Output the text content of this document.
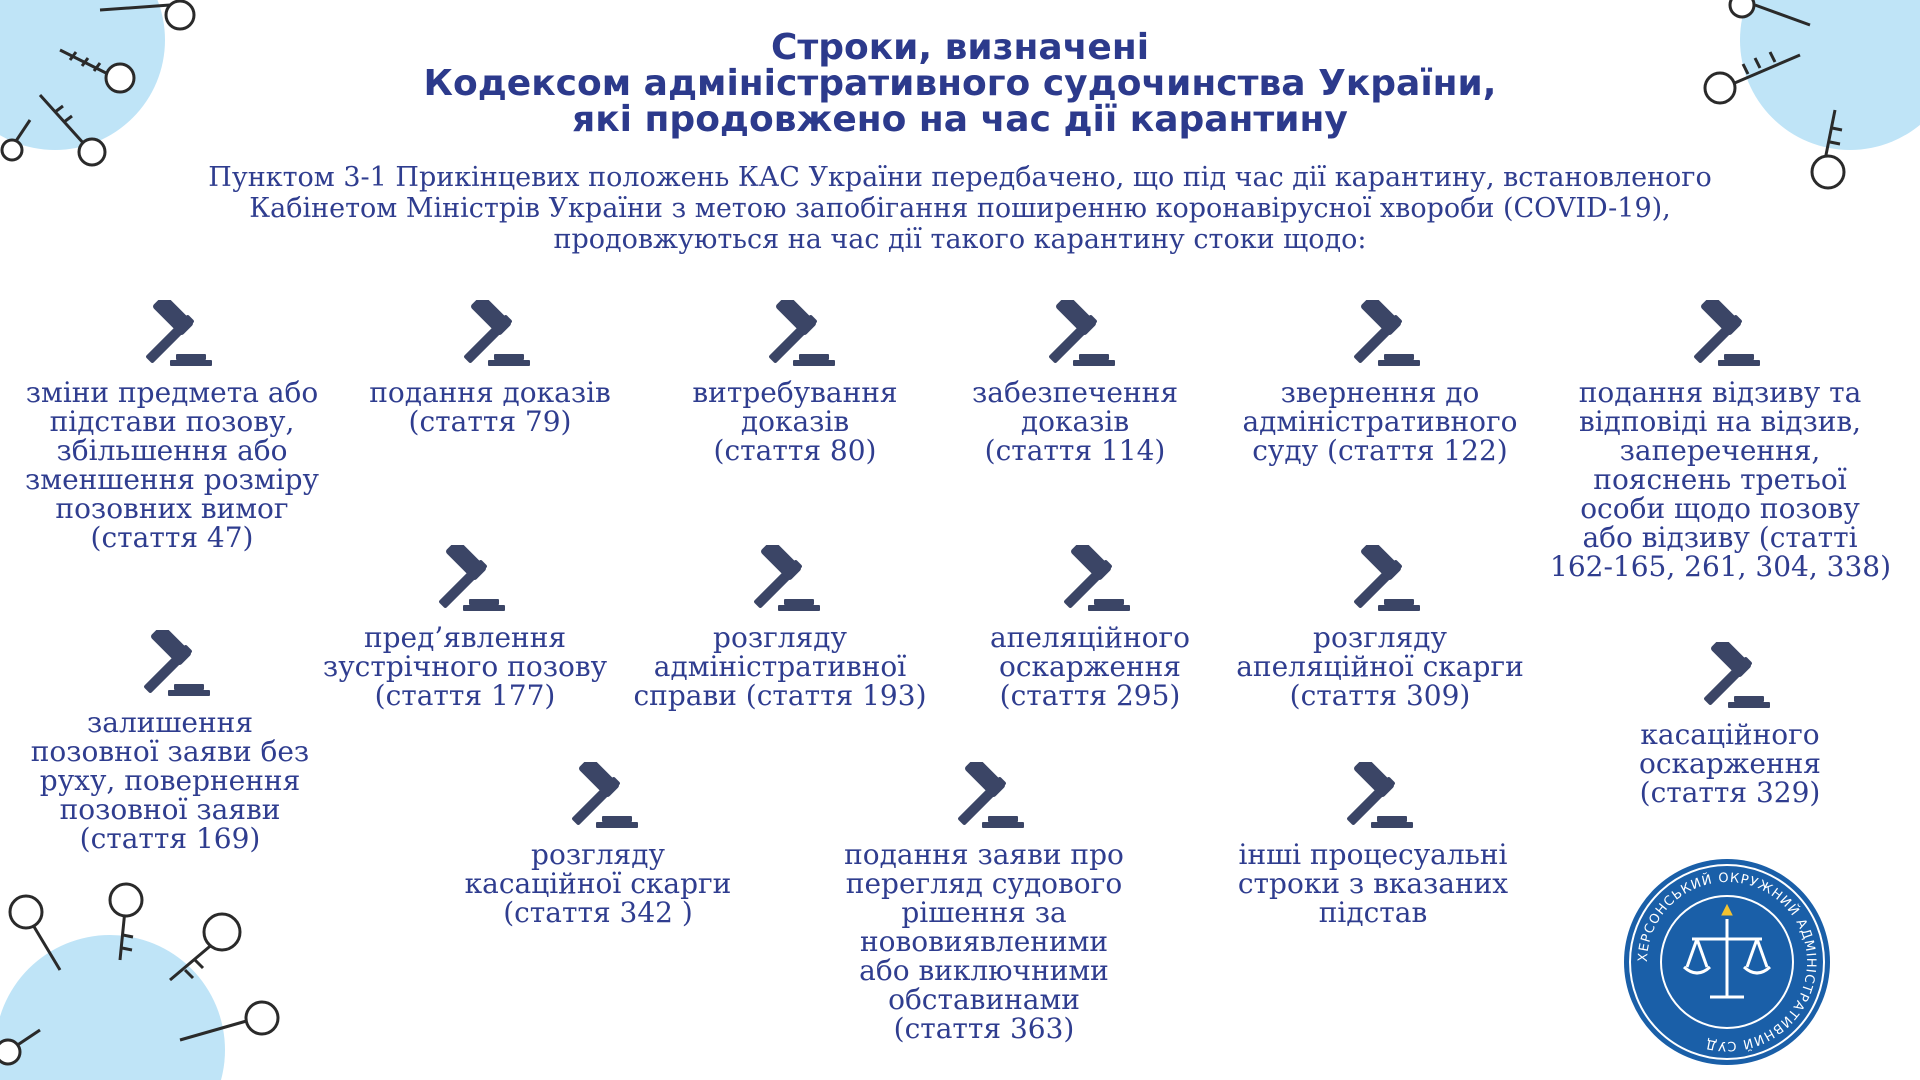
Строки, визначені
Кодексом адміністративного судочинства України,
які продовжено на час дії карантину
Пунктом 3-1 Прикінцевих положень КАС України передбачено, що під час дії карантину, встановленого
Кабінетом Міністрів України з метою запобігання поширенню коронавірусної хвороби (COVID-19),
продовжуються на час дії такого карантину стоки щодо:
зміни предмета або
підстави позову,
збільшення або
зменшення розміру
позовних вимог
(стаття 47)
подання доказів
(стаття 79)
витребування
доказів
(стаття 80)
забезпечення
доказів
(стаття 114)
звернення до
адміністративного
суду (стаття 122)
подання відзиву та
відповіді на відзив,
заперечення,
пояснень третьої
особи щодо позову
або відзиву (статті
162-165, 261, 304, 338)
пред’явлення
зустрічного позову
(стаття 177)
розгляду
адміністративної
справи (стаття 193)
апеляційного
оскарження
(стаття 295)
розгляду
апеляційної скарги
(стаття 309)
залишення
позовної заяви без
руху, повернення
позовної заяви
(стаття 169)
касаційного
оскарження
(стаття 329)
розгляду
касаційної скарги
(стаття 342 )
подання заяви про
перегляд судового
рішення за
нововиявленими
або виключними
обставинами
(стаття 363)
інші процесуальні
строки з вказаних
підстав
ХЕРСОНСЬКИЙ ОКРУЖНИЙ АДМІНІСТРАТИВНИЙ СУД
